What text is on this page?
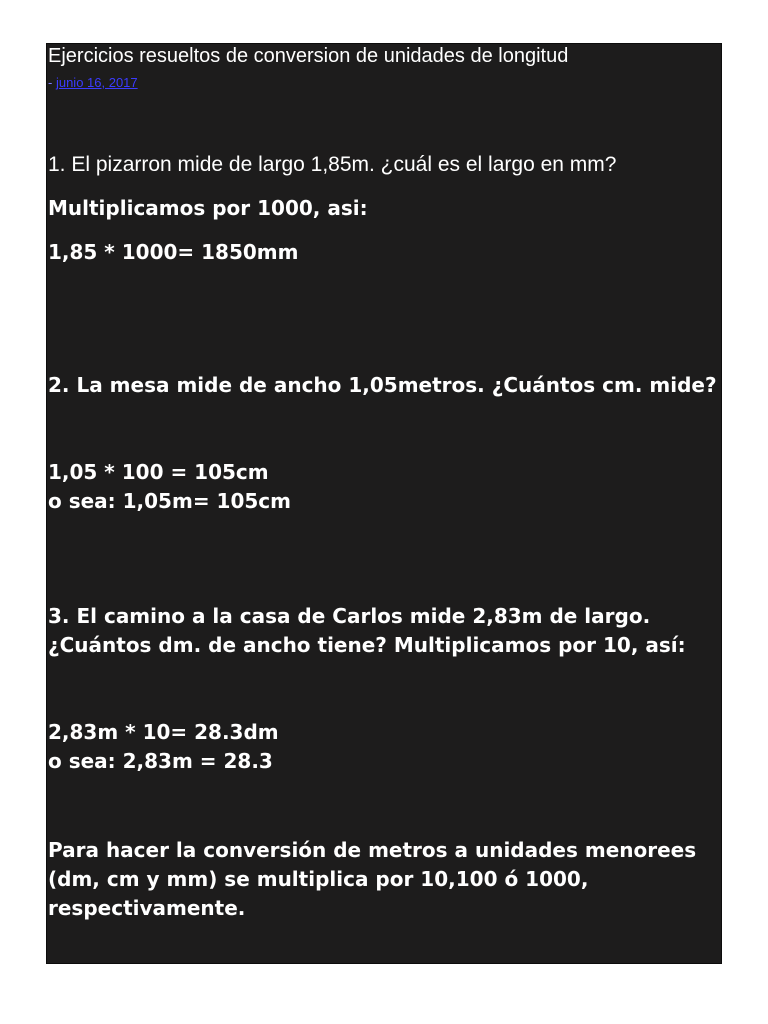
Ejercicios resueltos de conversion de unidades de longitud
- junio 16, 2017

1. El pizarron mide de largo 1,85m. ¿cuál es el largo en mm?

Multiplicamos por 1000, asi:

1,85 * 1000= 1850mm

2. La mesa mide de ancho 1,05metros. ¿Cuántos cm. mide?

1,05 * 100 = 105cm

o sea: 1,05m= 105cm

3. El camino a la casa de Carlos mide 2,83m de largo. ¿Cuántos dm. de ancho tiene? Multiplicamos por 10, así:

2,83m * 10= 28.3dm

o sea: 2,83m = 28.3

Para hacer la conversión de metros a unidades menorees (dm, cm y mm) se multiplica por 10,100 ó 1000, respectivamente.
